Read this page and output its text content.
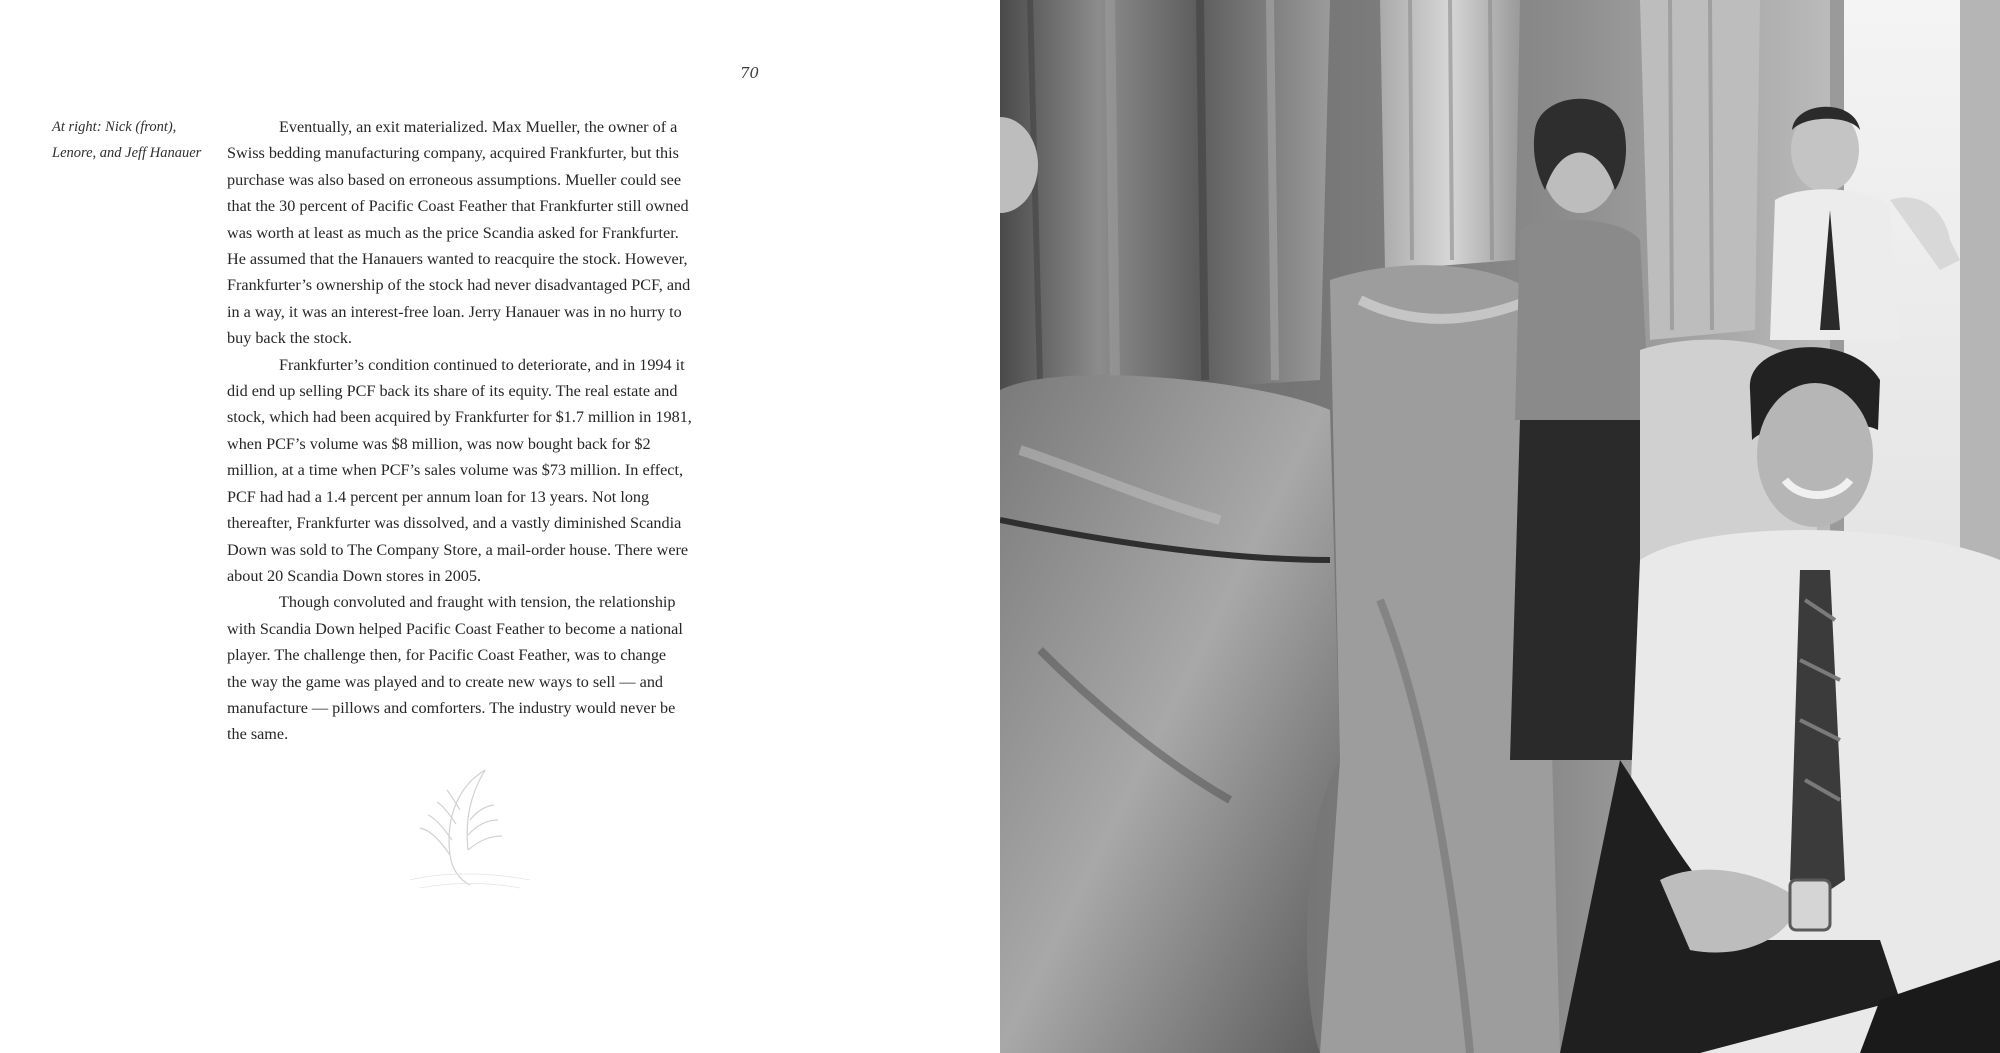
70
At right: Nick (front),
Lenore, and Jeff Hanauer
Eventually, an exit materialized. Max Mueller, the owner of a
Swiss bedding manufacturing company, acquired Frankfurter, but this
purchase was also based on erroneous assumptions. Mueller could see
that the 30 percent of Pacific Coast Feather that Frankfurter still owned
was worth at least as much as the price Scandia asked for Frankfurter.
He assumed that the Hanauers wanted to reacquire the stock. However,
Frankfurter’s ownership of the stock had never disadvantaged PCF, and
in a way, it was an interest-free loan. Jerry Hanauer was in no hurry to
buy back the stock.
Frankfurter’s condition continued to deteriorate, and in 1994 it
did end up selling PCF back its share of its equity. The real estate and
stock, which had been acquired by Frankfurter for $1.7 million in 1981,
when PCF’s volume was $8 million, was now bought back for $2
million, at a time when PCF’s sales volume was $73 million. In effect,
PCF had had a 1.4 percent per annum loan for 13 years. Not long
thereafter, Frankfurter was dissolved, and a vastly diminished Scandia
Down was sold to The Company Store, a mail-order house. There were
about 20 Scandia Down stores in 2005.
Though convoluted and fraught with tension, the relationship
with Scandia Down helped Pacific Coast Feather to become a national
player. The challenge then, for Pacific Coast Feather, was to change
the way the game was played and to create new ways to sell — and
manufacture — pillows and comforters. The industry would never be
the same.
